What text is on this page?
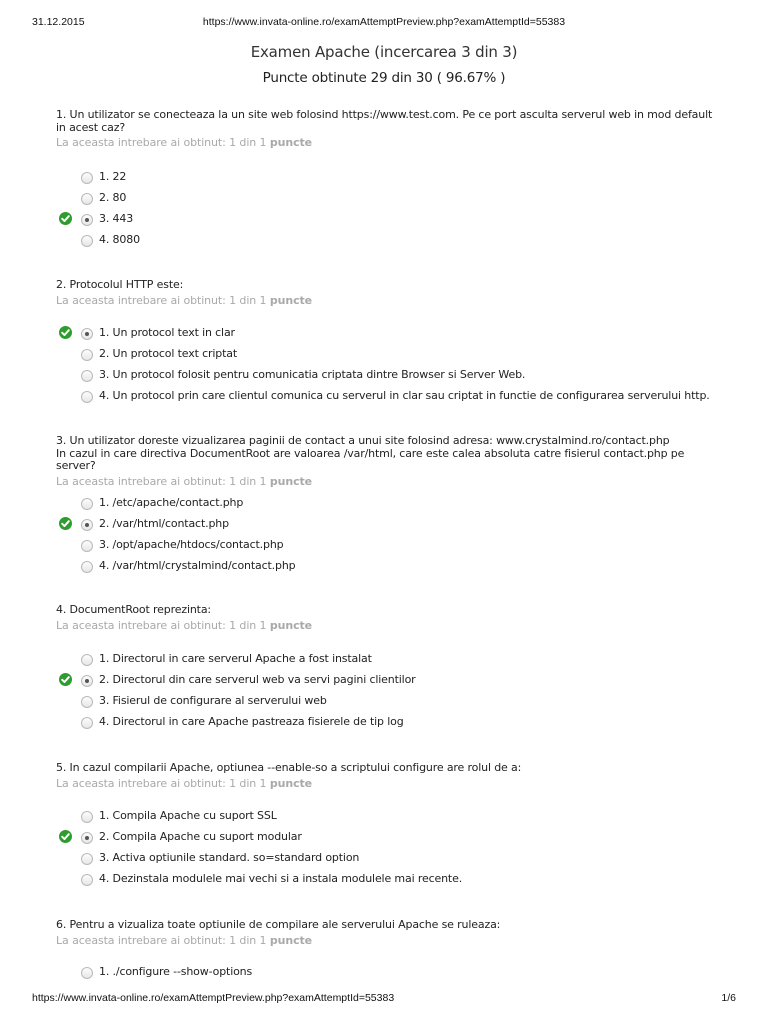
31.12.2015	https://www.invata-online.ro/examAttemptPreview.php?examAttemptId=55383
Examen Apache (incercarea 3 din 3)
Puncte obtinute 29 din 30 ( 96.67% )
1. Un utilizator se conecteaza la un site web folosind https://www.test.com. Pe ce port asculta serverul web in mod default in acest caz?
La aceasta intrebare ai obtinut: 1 din 1 puncte
2. Protocolul HTTP este:
La aceasta intrebare ai obtinut: 1 din 1 puncte
3. Un utilizator doreste vizualizarea paginii de contact a unui site folosind adresa: www.crystalmind.ro/contact.php
In cazul in care directiva DocumentRoot are valoarea /var/html, care este calea absoluta catre fisierul contact.php pe server?
La aceasta intrebare ai obtinut: 1 din 1 puncte
4. DocumentRoot reprezinta:
La aceasta intrebare ai obtinut: 1 din 1 puncte
5. In cazul compilarii Apache, optiunea --enable-so a scriptului configure are rolul de a:
La aceasta intrebare ai obtinut: 1 din 1 puncte
6. Pentru a vizualiza toate optiunile de compilare ale serverului Apache se ruleaza:
La aceasta intrebare ai obtinut: 1 din 1 puncte
https://www.invata-online.ro/examAttemptPreview.php?examAttemptId=55383	1/6
1. 22
2. 80
3. 443
4. 8080
1. Un protocol text in clar
2. Un protocol text criptat
3. Un protocol folosit pentru comunicatia criptata dintre Browser si Server Web.
4. Un protocol prin care clientul comunica cu serverul in clar sau criptat in functie de configurarea serverului http.
1. /etc/apache/contact.php
2. /var/html/contact.php
3. /opt/apache/htdocs/contact.php
4. /var/html/crystalmind/contact.php
1. Directorul in care serverul Apache a fost instalat
2. Directorul din care serverul web va servi pagini clientilor
3. Fisierul de configurare al serverului web
4. Directorul in care Apache pastreaza fisierele de tip log
1. Compila Apache cu suport SSL
2. Compila Apache cu suport modular
3. Activa optiunile standard. so=standard option
4. Dezinstala modulele mai vechi si a instala modulele mai recente.
1. ./configure --show-options
